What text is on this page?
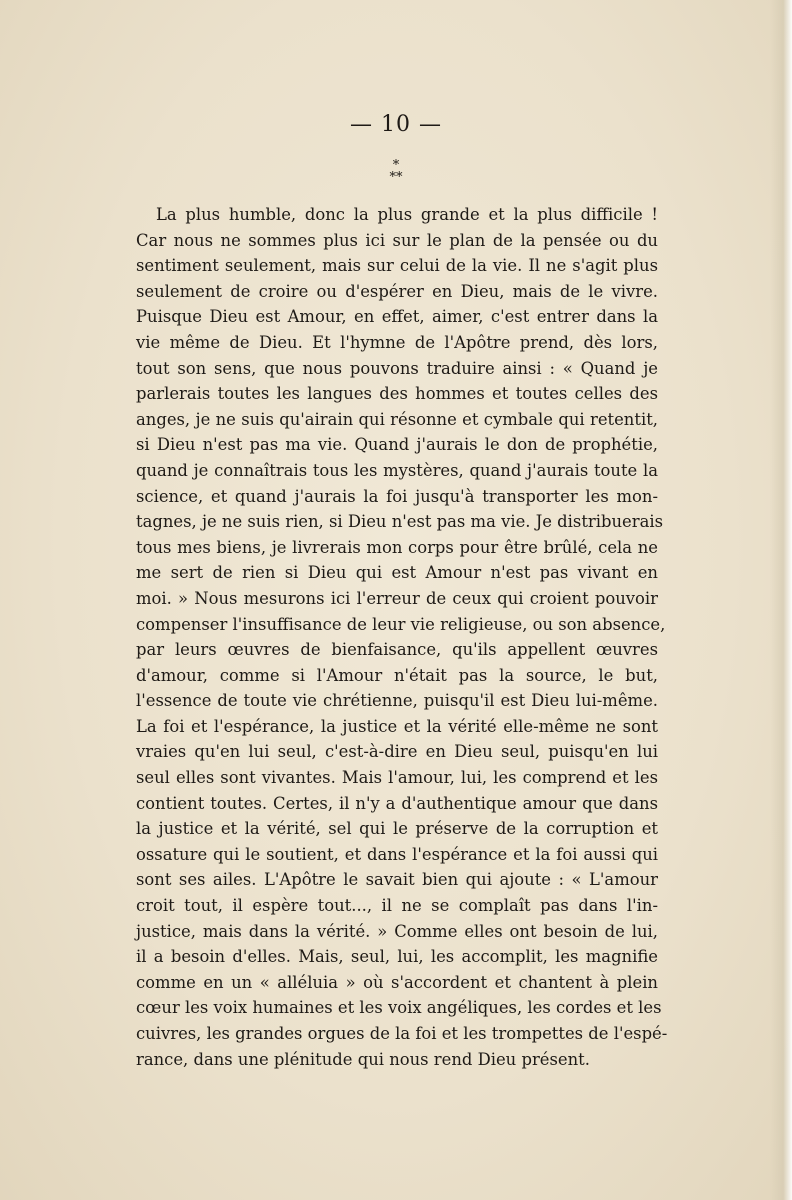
— 10 —
*
**
La plus humble, donc la plus grande et la plus difficile !
Car nous ne sommes plus ici sur le plan de la pensée ou du
sentiment seulement, mais sur celui de la vie. Il ne s'agit plus
seulement de croire ou d'espérer en Dieu, mais de le vivre.
Puisque Dieu est Amour, en effet, aimer, c'est entrer dans la
vie même de Dieu. Et l'hymne de l'Apôtre prend, dès lors,
tout son sens, que nous pouvons traduire ainsi : « Quand je
parlerais toutes les langues des hommes et toutes celles des
anges, je ne suis qu'airain qui résonne et cymbale qui retentit,
si Dieu n'est pas ma vie. Quand j'aurais le don de prophétie,
quand je connaîtrais tous les mystères, quand j'aurais toute la
science, et quand j'aurais la foi jusqu'à transporter les mon-
tagnes, je ne suis rien, si Dieu n'est pas ma vie. Je distribuerais
tous mes biens, je livrerais mon corps pour être brûlé, cela ne
me sert de rien si Dieu qui est Amour n'est pas vivant en
moi. » Nous mesurons ici l'erreur de ceux qui croient pouvoir
compenser l'insuffisance de leur vie religieuse, ou son absence,
par leurs œuvres de bienfaisance, qu'ils appellent œuvres
d'amour, comme si l'Amour n'était pas la source, le but,
l'essence de toute vie chrétienne, puisqu'il est Dieu lui-même.
La foi et l'espérance, la justice et la vérité elle-même ne sont
vraies qu'en lui seul, c'est-à-dire en Dieu seul, puisqu'en lui
seul elles sont vivantes. Mais l'amour, lui, les comprend et les
contient toutes. Certes, il n'y a d'authentique amour que dans
la justice et la vérité, sel qui le préserve de la corruption et
ossature qui le soutient, et dans l'espérance et la foi aussi qui
sont ses ailes. L'Apôtre le savait bien qui ajoute : « L'amour
croit tout, il espère tout..., il ne se complaît pas dans l'in-
justice, mais dans la vérité. » Comme elles ont besoin de lui,
il a besoin d'elles. Mais, seul, lui, les accomplit, les magnifie
comme en un « alléluia » où s'accordent et chantent à plein
cœur les voix humaines et les voix angéliques, les cordes et les
cuivres, les grandes orgues de la foi et les trompettes de l'espé-
rance, dans une plénitude qui nous rend Dieu présent.
